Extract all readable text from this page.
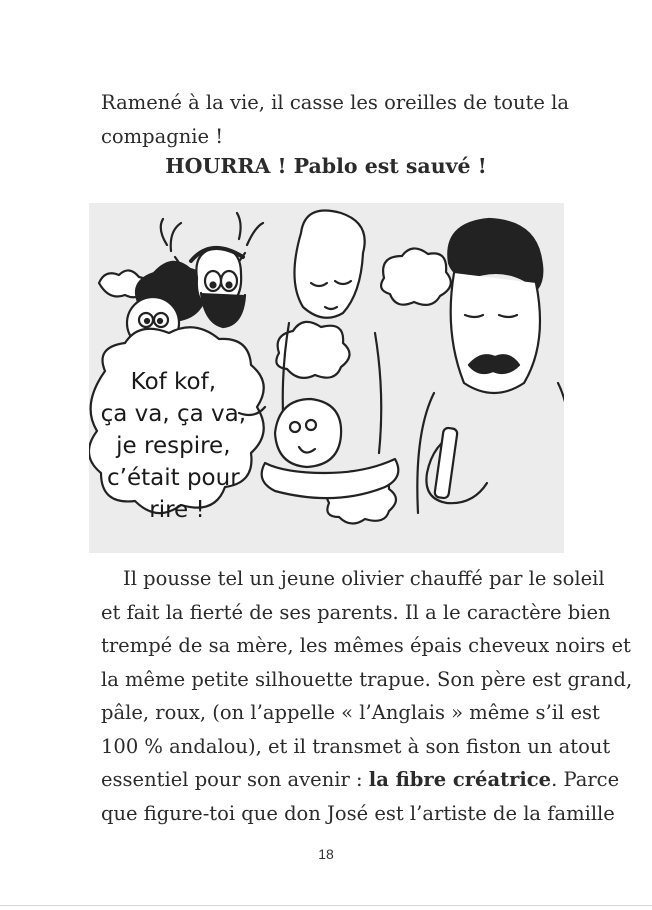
Ramené à la vie, il casse les oreilles de toute la
compagnie !

HOURRA ! Pablo est sauvé !

Kof kof, ça va, ça va, je respire, c’était pour rire !

Il pousse tel un jeune olivier chauffé par le soleil
et fait la fierté de ses parents. Il a le caractère bien
trempé de sa mère, les mêmes épais cheveux noirs et
la même petite silhouette trapue. Son père est grand,
pâle, roux, (on l’appelle « l’Anglais » même s’il est
100 % andalou), et il transmet à son fiston un atout
essentiel pour son avenir : la fibre créatrice. Parce
que figure-toi que don José est l’artiste de la famille

18
